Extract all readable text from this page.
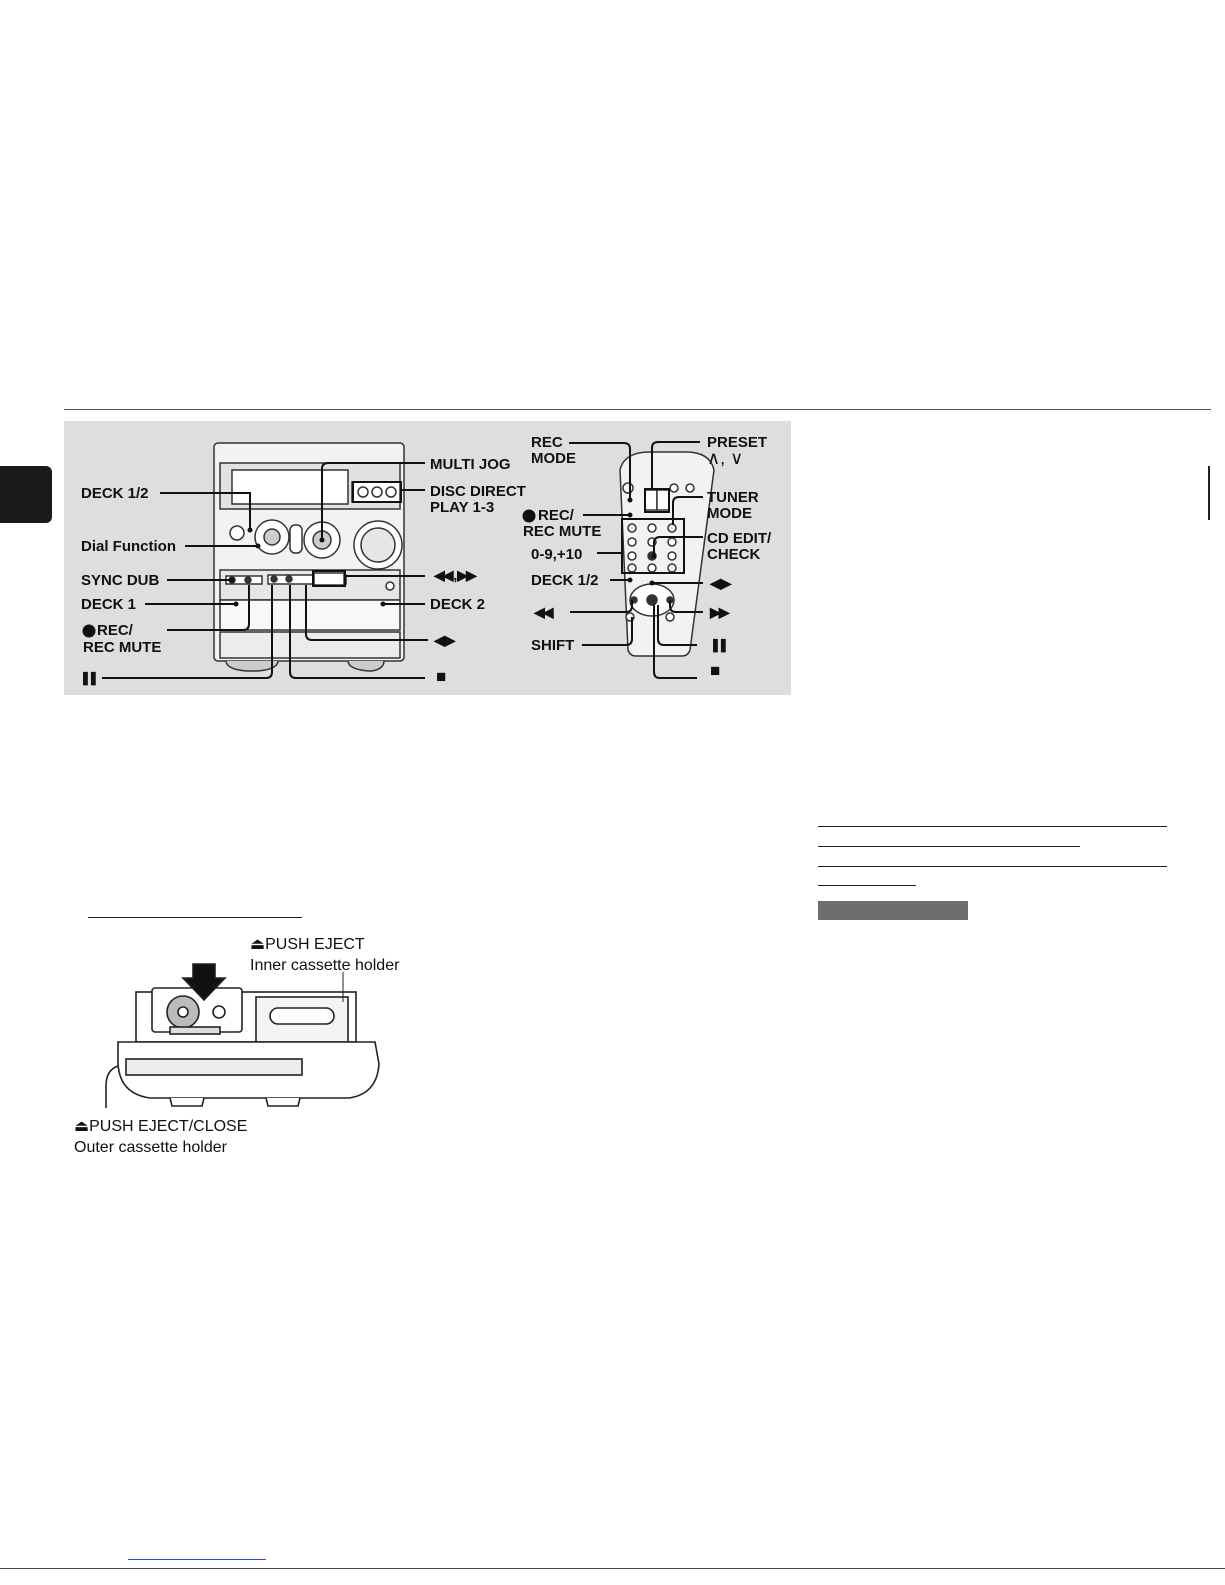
DECK 1/2
Dial Function
SYNC DUB
DECK 1
REC/
REC MUTE
❚❚
MULTI JOG
DISC DIRECT
PLAY 1-3
◀◀ , ▶▶
DECK 2
◀ ▶
■
REC
MODE
REC/
REC MUTE
0-9,+10
DECK 1/2
◀◀
SHIFT
PRESET
∧, ∨
TUNER
MODE
CD EDIT/
CHECK
◀ ▶
▶▶
❚❚
■
⏏PUSH EJECT
Inner cassette holder
⏏PUSH EJECT/CLOSE
Outer cassette holder
